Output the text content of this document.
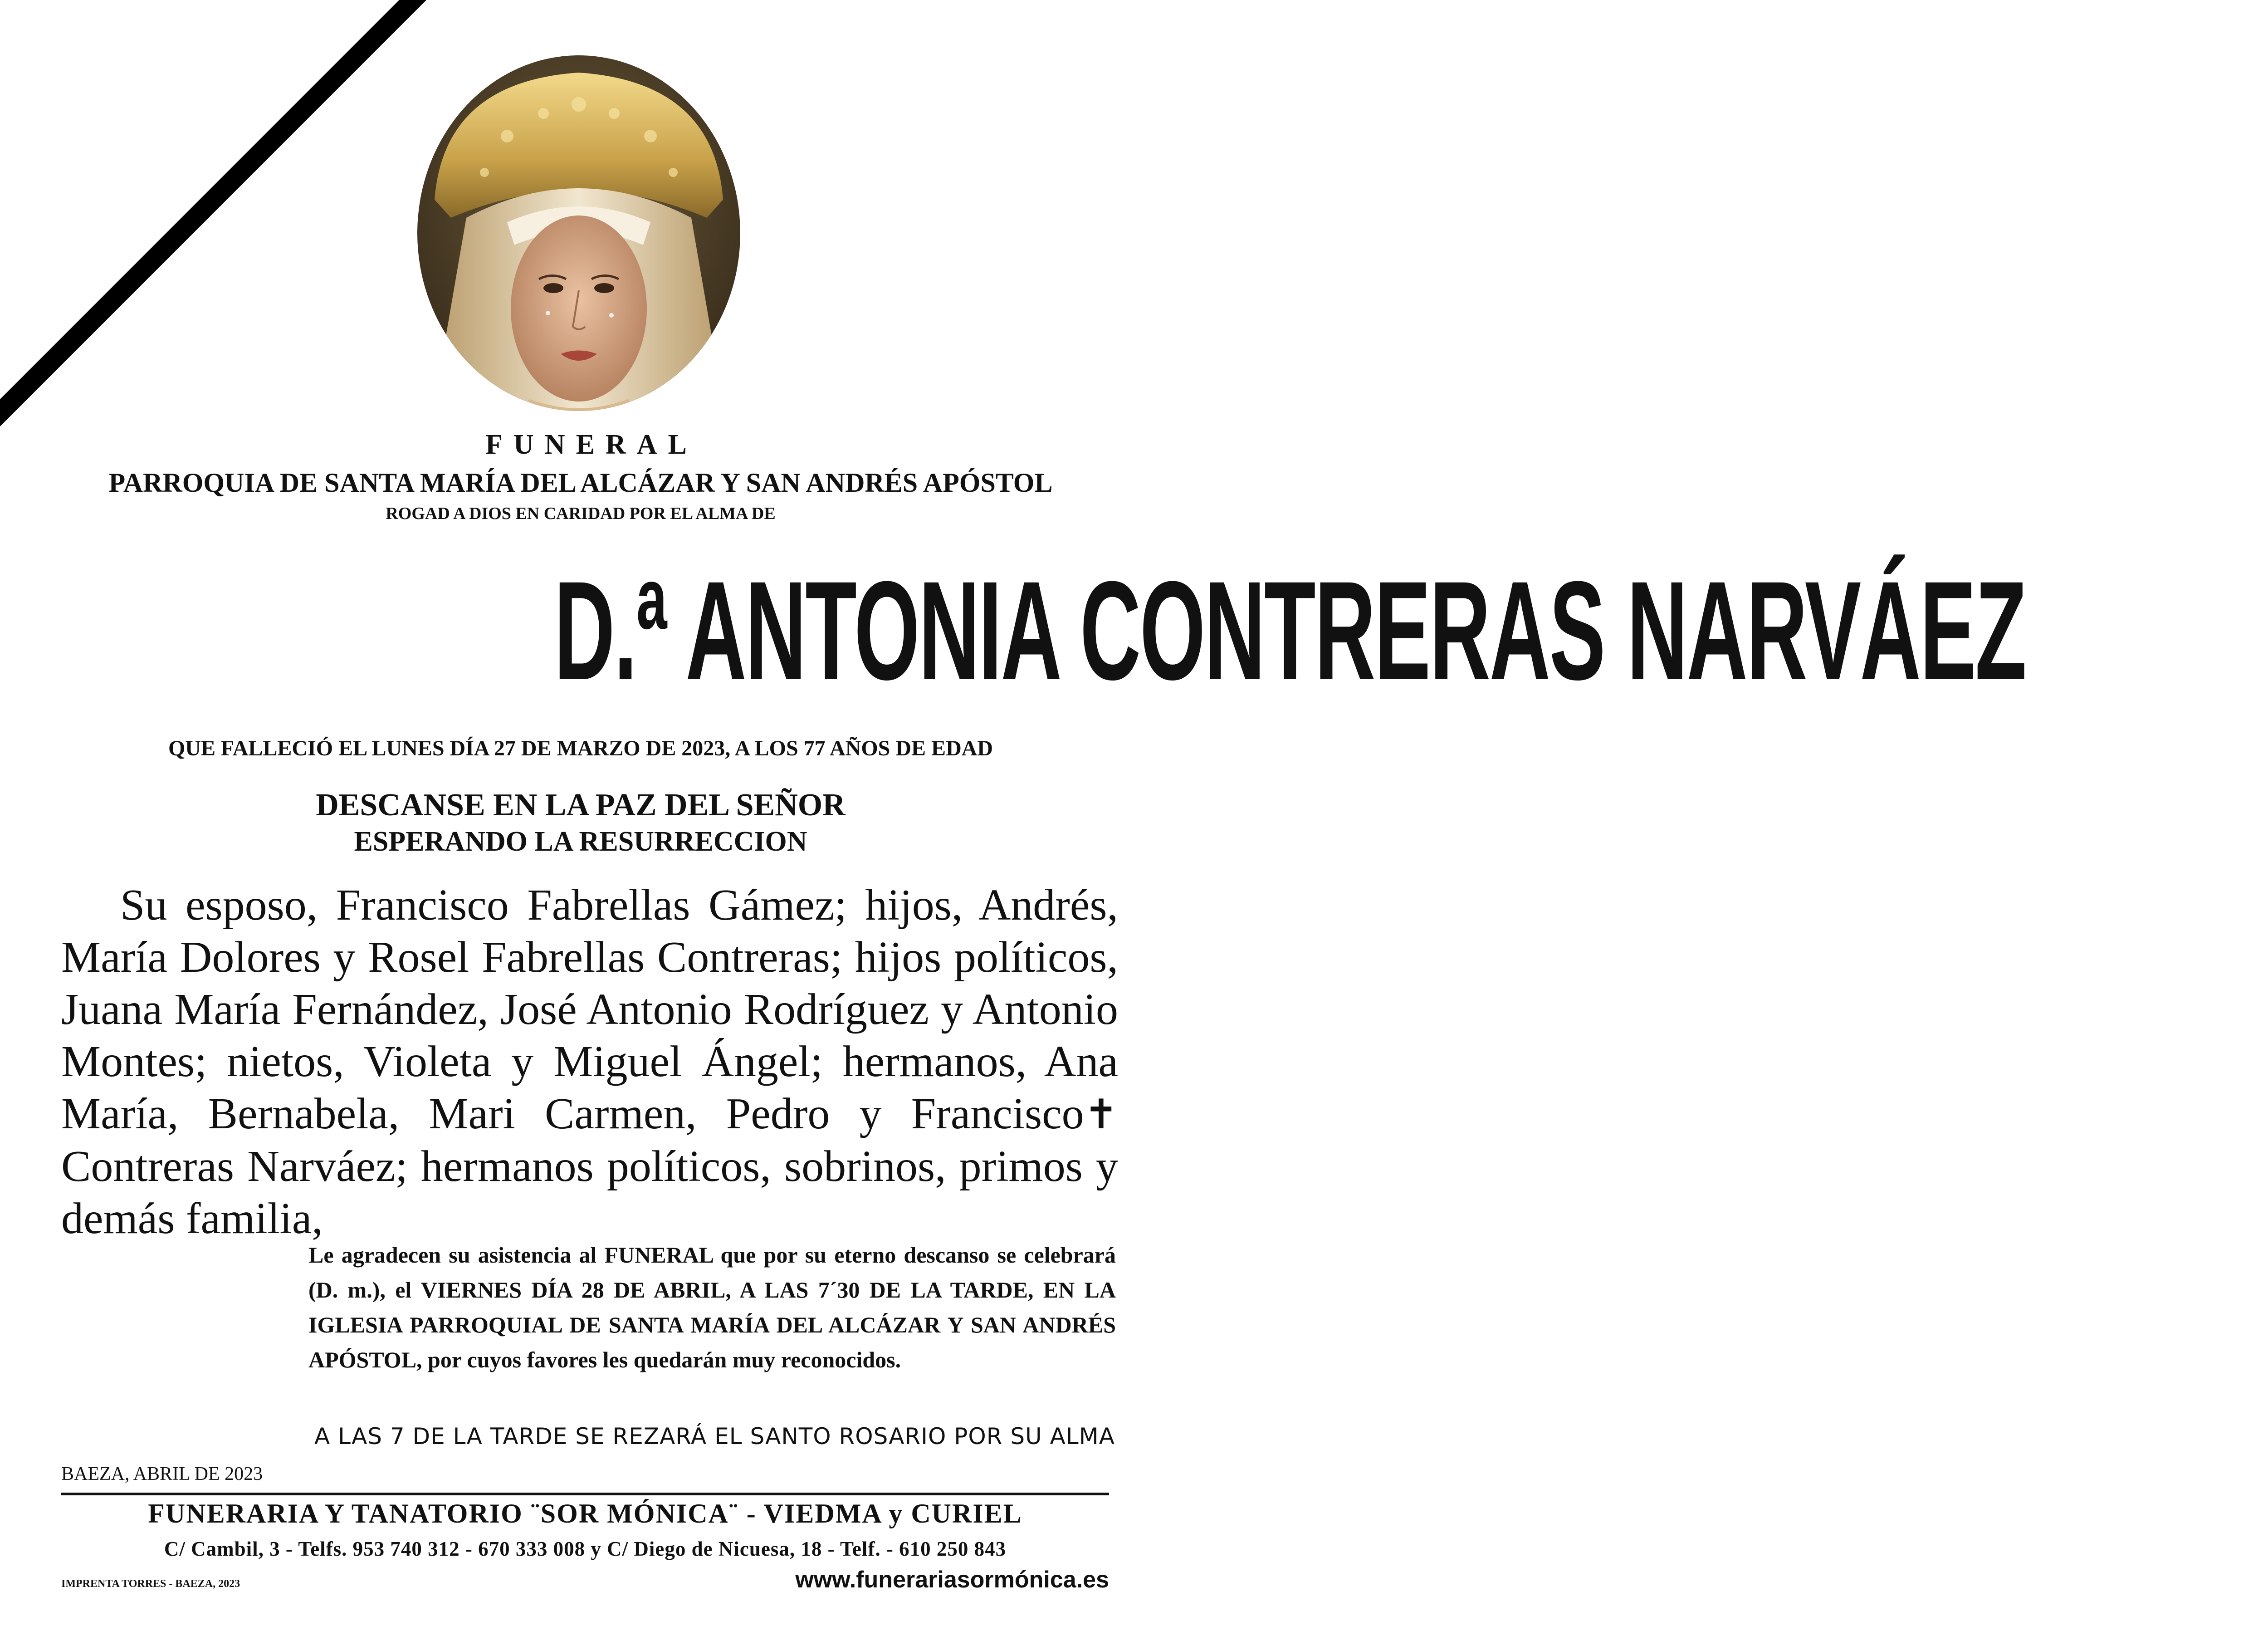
FUNERAL
PARROQUIA DE SANTA MARÍA DEL ALCÁZAR Y SAN ANDRÉS APÓSTOL
ROGAD A DIOS EN CARIDAD POR EL ALMA DE
D.ª ANTONIA CONTRERAS NARVÁEZ
QUE FALLECIÓ EL LUNES DÍA 27 DE MARZO DE 2023, A LOS 77 AÑOS DE EDAD
DESCANSE EN LA PAZ DEL SEÑOR
ESPERANDO LA RESURRECCION

Su esposo, Francisco Fabrellas Gámez; hijos, Andrés, María Dolores y Rosel Fabrellas Contreras; hijos políticos, Juana María Fernández, José Antonio Rodríguez y Antonio Montes; nietos, Violeta y Miguel Ángel; hermanos, Ana María, Bernabela, Mari Carmen, Pedro y Francisco✝ Contreras Narváez; hermanos políticos, sobrinos, primos y demás familia,

Le agradecen su asistencia al FUNERAL que por su eterno descanso se celebrará (D. m.), el VIERNES DÍA 28 DE ABRIL, A LAS 7´30 DE LA TARDE, EN LA IGLESIA PARROQUIAL DE SANTA MARÍA DEL ALCÁZAR Y SAN ANDRÉS APÓSTOL, por cuyos favores les quedarán muy reconocidos.

A LAS 7 DE LA TARDE SE REZARÁ EL SANTO ROSARIO POR SU ALMA
BAEZA, ABRIL DE 2023
FUNERARIA Y TANATORIO ¨SOR MÓNICA¨ - VIEDMA y CURIEL
C/ Cambil, 3 - Telfs. 953 740 312 - 670 333 008 y C/ Diego de Nicuesa, 18 - Telf. - 610 250 843
IMPRENTA TORRES - BAEZA, 2023	www.funerariasormónica.es
